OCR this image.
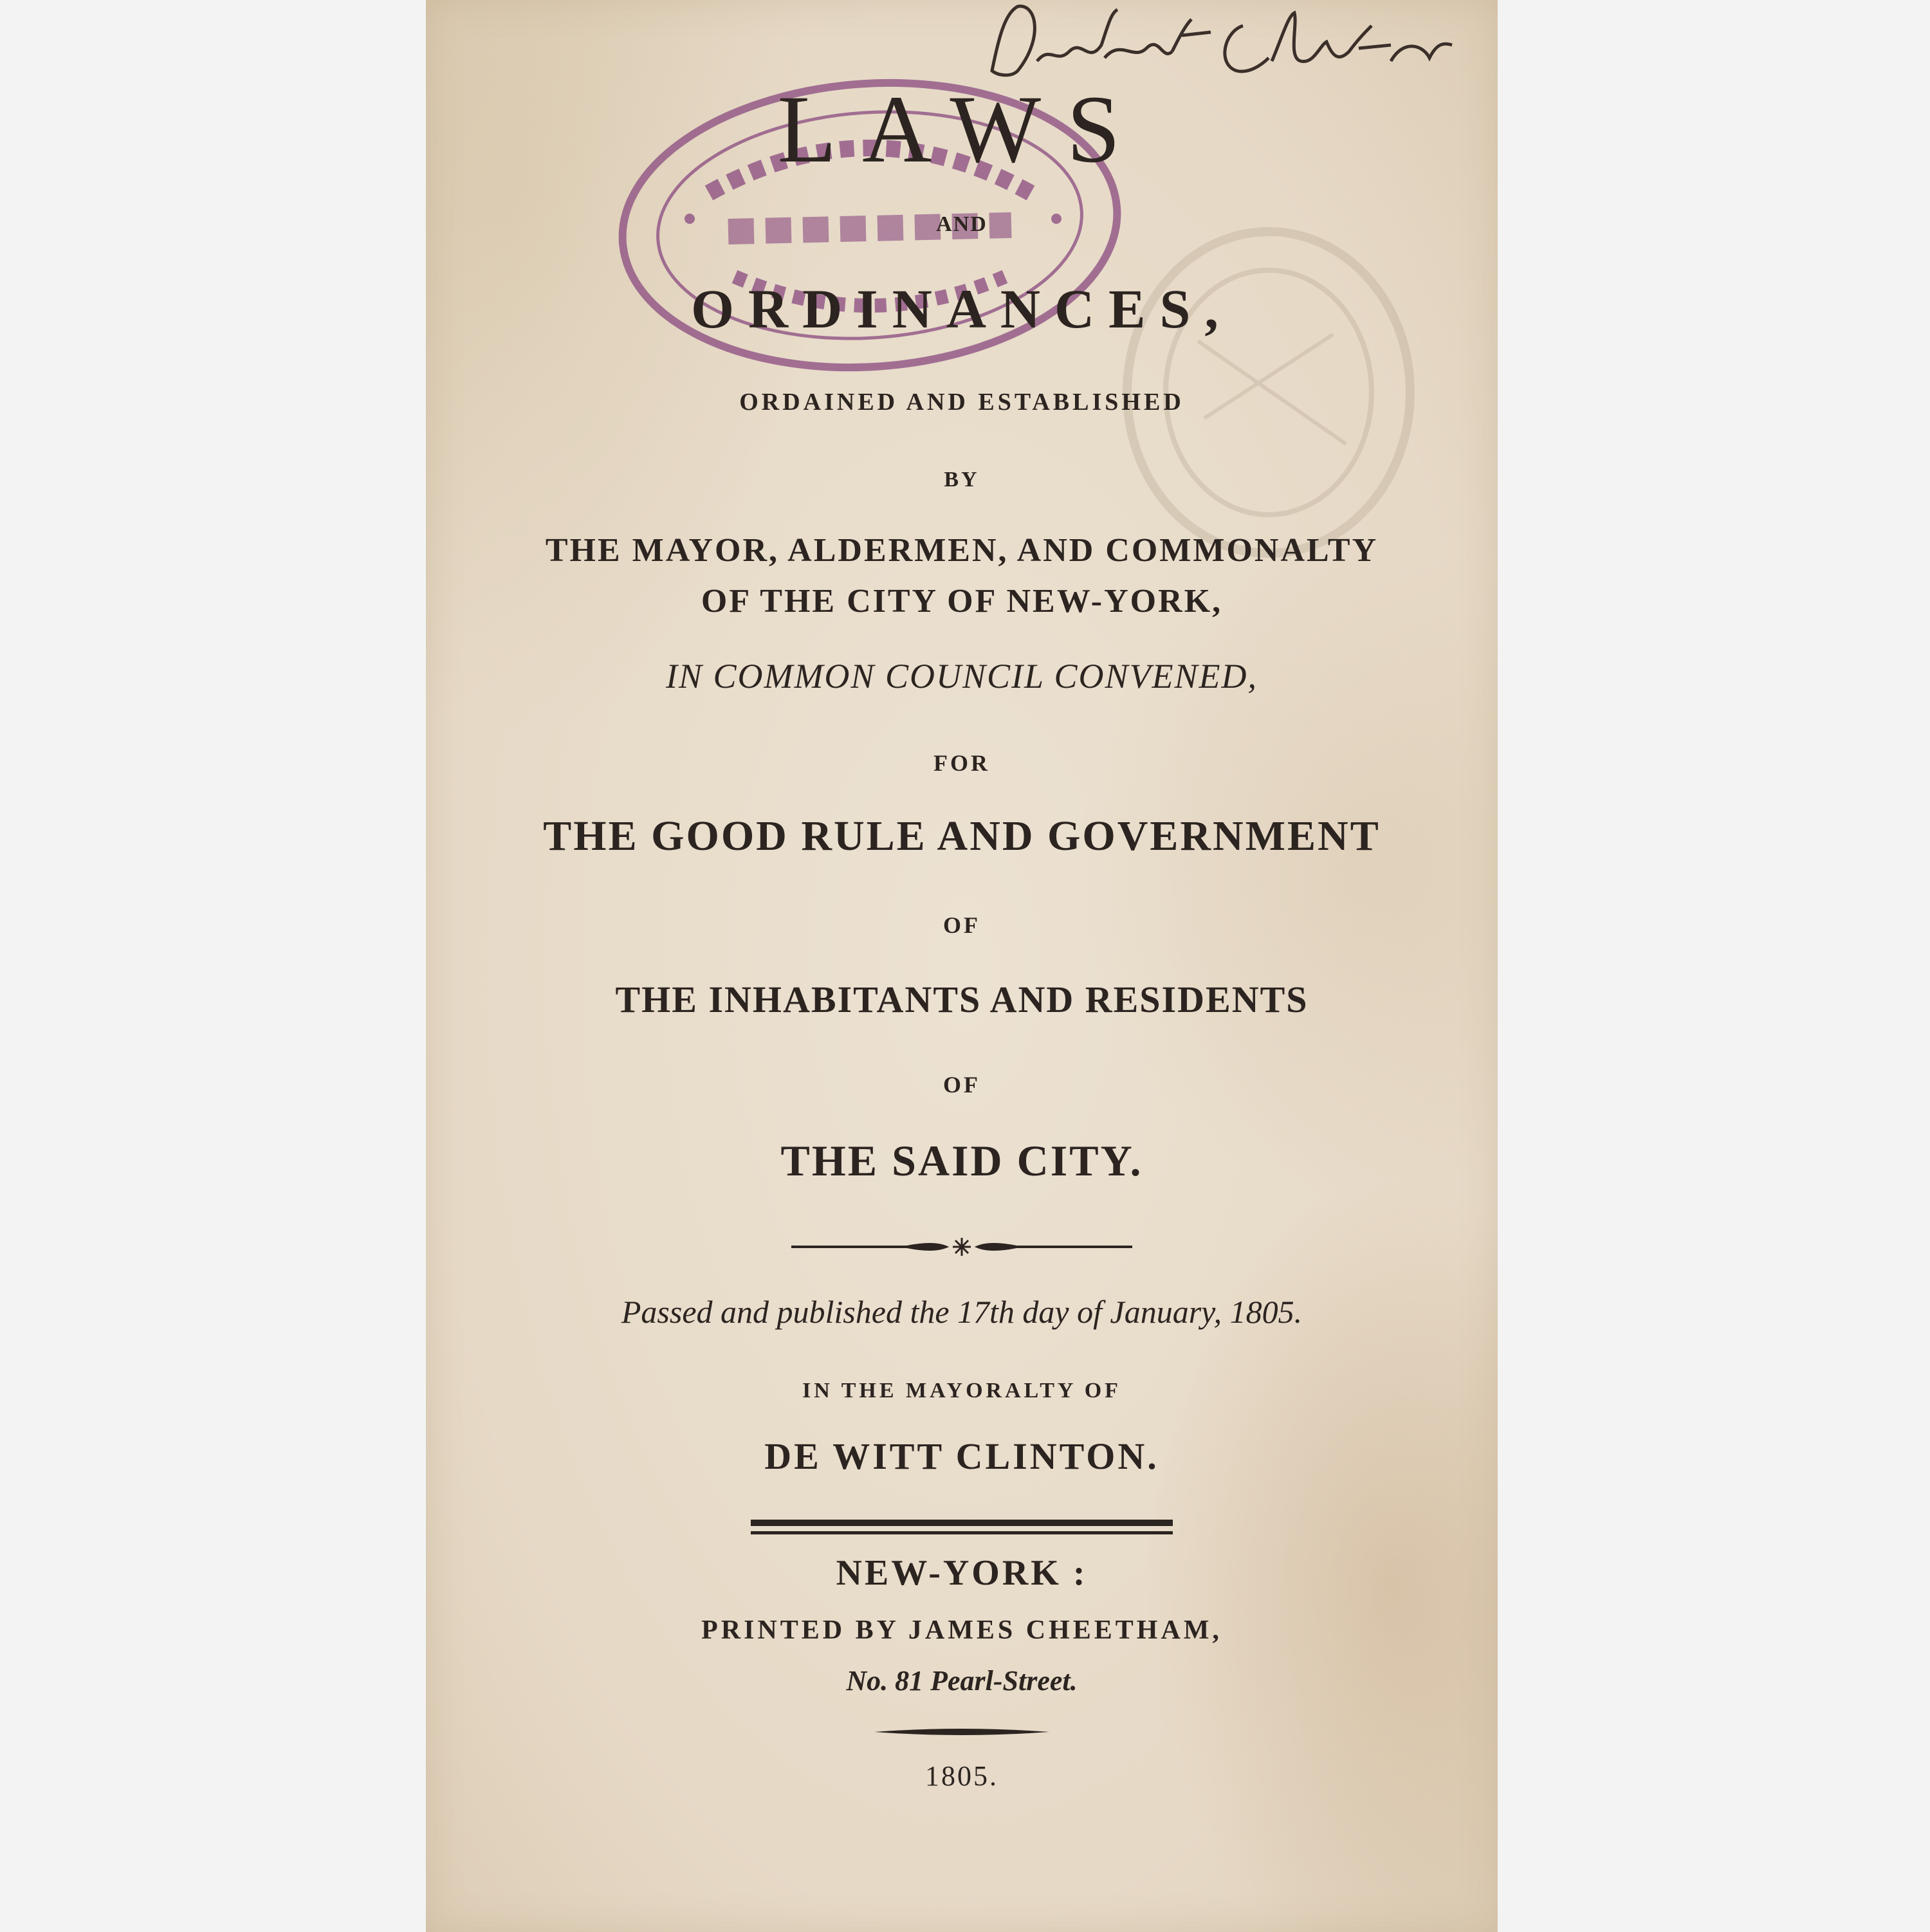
LAWS

AND

ORDINANCES,

ORDAINED AND ESTABLISHED

BY

THE MAYOR, ALDERMEN, AND COMMONALTY

OF THE CITY OF NEW-YORK,

IN COMMON COUNCIL CONVENED,

FOR

THE GOOD RULE AND GOVERNMENT

OF

THE INHABITANTS AND RESIDENTS

OF

THE SAID CITY.

Passed and published the 17th day of January, 1805.

IN THE MAYORALTY OF

DE WITT CLINTON.

NEW-YORK :

PRINTED BY JAMES CHEETHAM,

No. 81 Pearl-Street.

1805.
